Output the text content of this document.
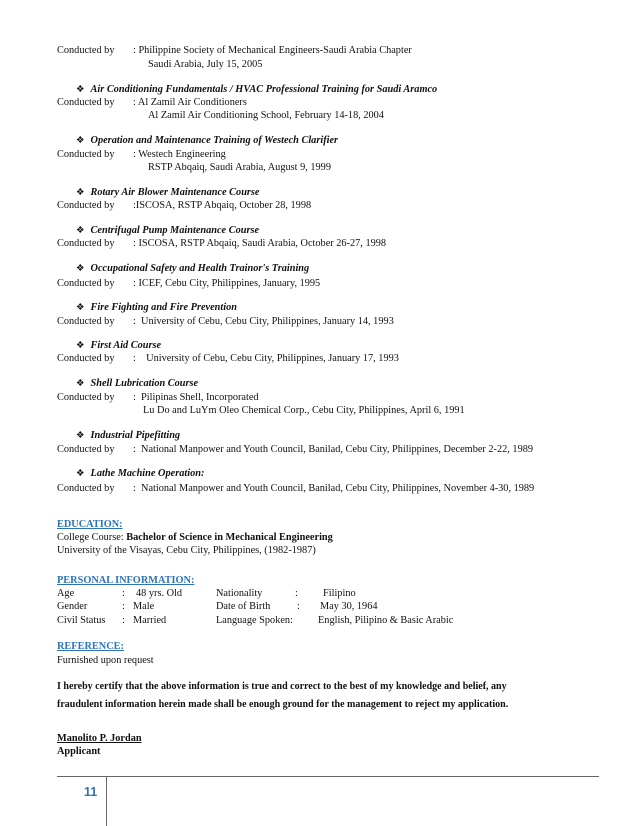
Conducted by : Philippine Society of Mechanical Engineers-Saudi Arabia Chapter
Saudi Arabia, July 15, 2005
❖ Air Conditioning Fundamentals / HVAC Professional Training for Saudi Aramco
Conducted by : Al Zamil Air Conditioners
Al Zamil Air Conditioning School, February 14-18, 2004
❖ Operation and Maintenance Training of Westech Clarifier
Conducted by : Westech Engineering
RSTP Abqaiq, Saudi Arabia, August 9, 1999
❖ Rotary Air Blower Maintenance Course
Conducted by :ISCOSA, RSTP Abqaiq, October 28, 1998
❖ Centrifugal Pump Maintenance Course
Conducted by : ISCOSA, RSTP Abqaiq, Saudi Arabia, October 26-27, 1998
❖ Occupational Safety and Health Trainor's Training
Conducted by : ICEF, Cebu City, Philippines, January, 1995
❖ Fire Fighting and Fire Prevention
Conducted by : University of Cebu, Cebu City, Philippines, January 14, 1993
❖ First Aid Course
Conducted by : University of Cebu, Cebu City, Philippines, January 17, 1993
❖ Shell Lubrication Course
Conducted by : Pilipinas Shell, Incorporated
Lu Do and LuYm Oleo Chemical Corp., Cebu City, Philippines, April 6, 1991
❖ Industrial Pipefitting
Conducted by : National Manpower and Youth Council, Banilad, Cebu City, Philippines, December 2-22, 1989
❖ Lathe Machine Operation:
Conducted by : National Manpower and Youth Council, Banilad, Cebu City, Philippines, November 4-30, 1989
EDUCATION:
College Course: Bachelor of Science in Mechanical Engineering
University of the Visayas, Cebu City, Philippines, (1982-1987)
PERSONAL INFORMATION:
Age	: 48 yrs. Old	Nationality	: Filipino
Gender	: Male	Date of Birth	: May 30, 1964
Civil Status : Married	Language Spoken: English, Pilipino & Basic Arabic
REFERENCE:
Furnished upon request
I hereby certify that the above information is true and correct to the best of my knowledge and belief, any
fraudulent information herein made shall be enough ground for the management to reject my application.
Manolito P. Jordan
Applicant
11
